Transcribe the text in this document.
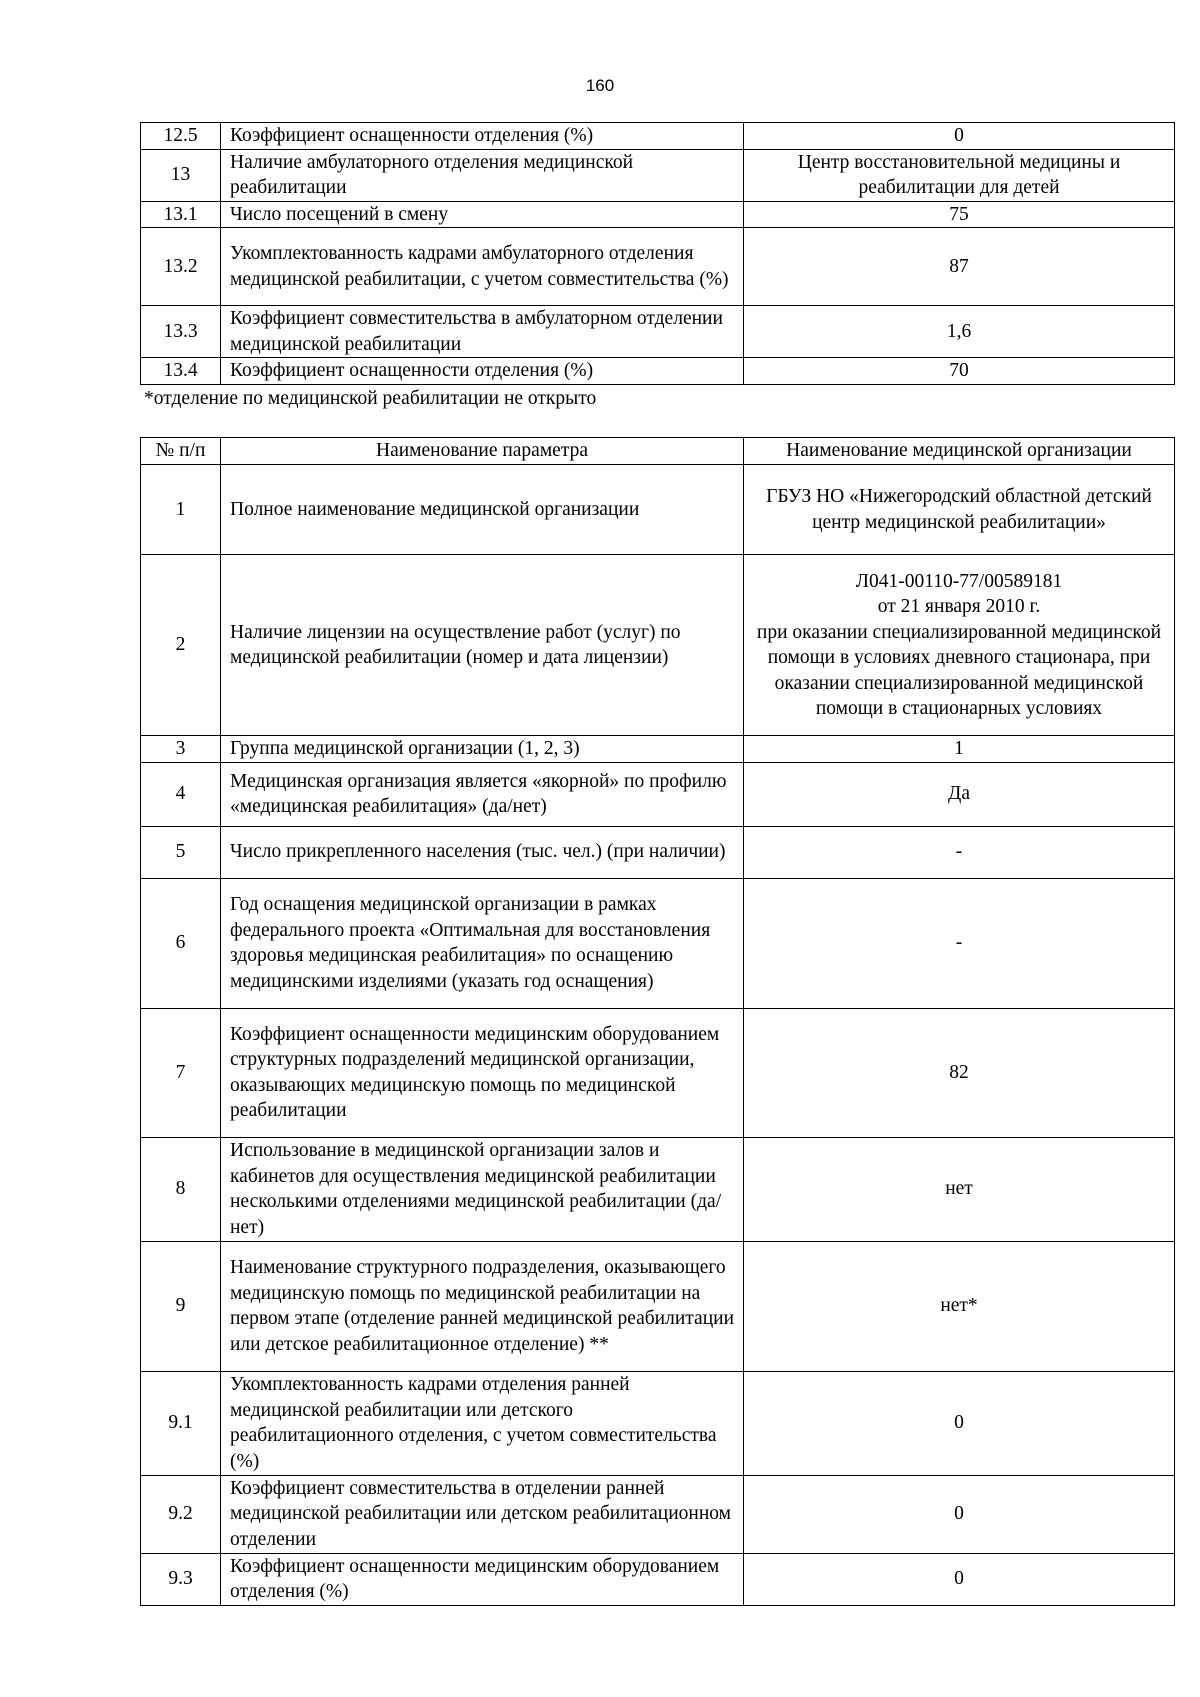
160
12.5	Коэффициент оснащенности отделения (%)	0
13	Наличие амбулаторного отделения медицинской реабилитации	Центр восстановительной медицины и реабилитации для детей
13.1	Число посещений в смену	75
13.2	Укомплектованность кадрами амбулаторного отделения медицинской реабилитации, с учетом совместительства (%)	87
13.3	Коэффициент совместительства в амбулаторном отделении медицинской реабилитации	1,6
13.4	Коэффициент оснащенности отделения (%)	70
*отделение по медицинской реабилитации не открыто
№ п/п	Наименование параметра	Наименование медицинской организации
1	Полное наименование медицинской организации	ГБУЗ НО «Нижегородский областной детский центр медицинской реабилитации»
2	Наличие лицензии на осуществление работ (услуг) по медицинской реабилитации (номер и дата лицензии)	Л041-00110-77/00589181
от 21 января 2010 г.
при оказании специализированной медицинской помощи в условиях дневного стационара, при оказании специализированной медицинской помощи в стационарных условиях

3	Группа медицинской организации (1, 2, 3)	1
4	Медицинская организация является «якорной» по профилю «медицинская реабилитация» (да/нет)	Да
5	Число прикрепленного населения (тыс. чел.) (при наличии)	-
6	Год оснащения медицинской организации в рамках федерального проекта «Оптимальная для восстановления здоровья медицинская реабилитация» по оснащению медицинскими изделиями (указать год оснащения)	-
7	Коэффициент оснащенности медицинским оборудованием структурных подразделений медицинской организации, оказывающих медицинскую помощь по медицинской реабилитации	82
8	Использование в медицинской организации залов и кабинетов для осуществления медицинской реабилитации несколькими отделениями медицинской реабилитации (да/нет)	нет
9	Наименование структурного подразделения, оказывающего медицинскую помощь по медицинской реабилитации на первом этапе (отделение ранней медицинской реабилитации или детское реабилитационное отделение) **	нет*
9.1	Укомплектованность кадрами отделения ранней медицинской реабилитации или детского реабилитационного отделения, с учетом совместительства (%)	0
9.2	Коэффициент совместительства в отделении ранней медицинской реабилитации или детском реабилитационном отделении	0
9.3	Коэффициент оснащенности медицинским оборудованием отделения (%)	0
